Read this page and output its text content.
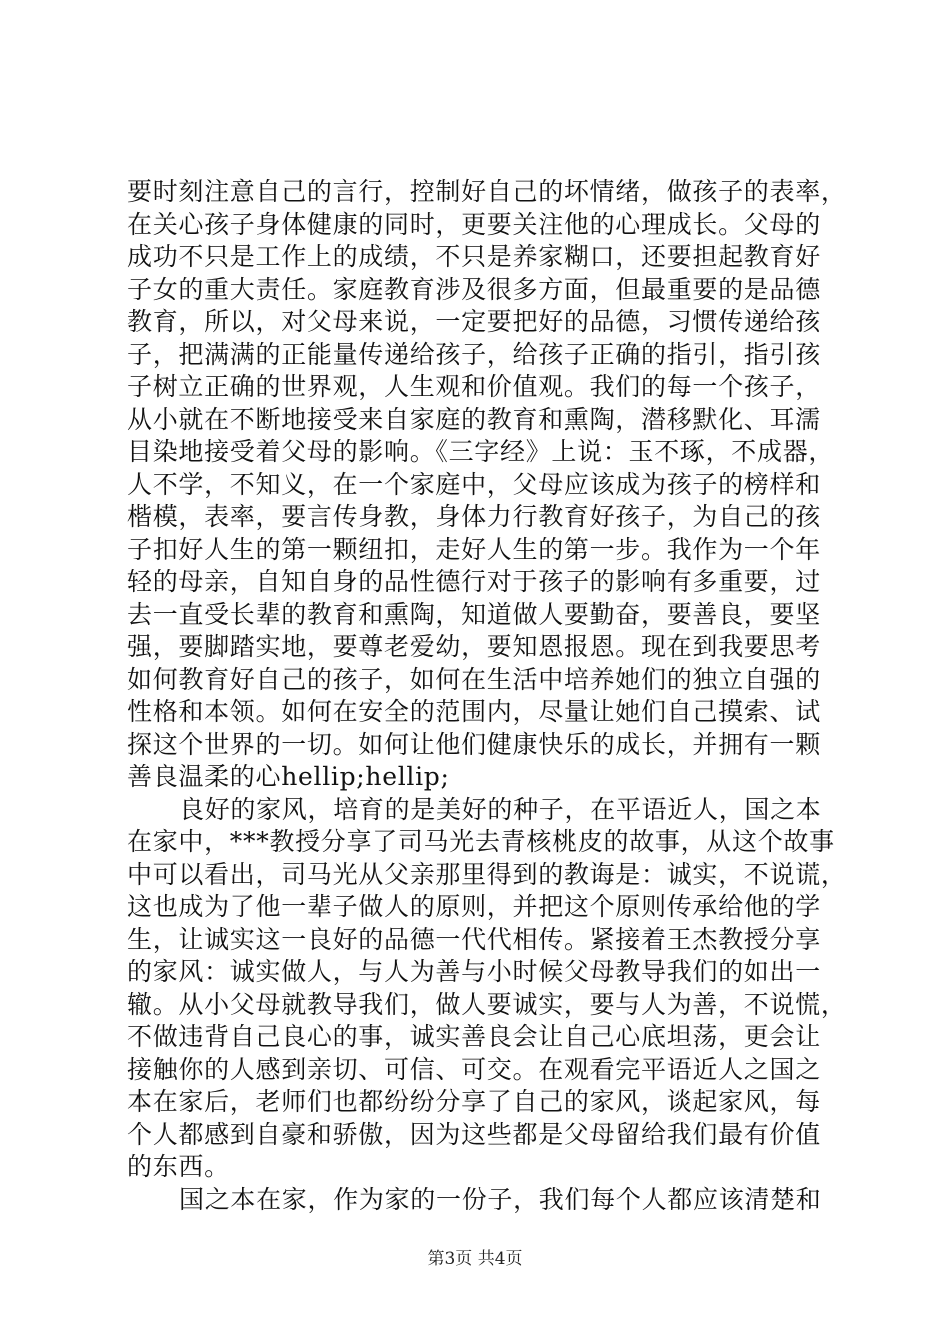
要时刻注意自己的言行，控制好自己的坏情绪，做孩子的表率，
在关心孩子身体健康的同时，更要关注他的心理成长。父母的
成功不只是工作上的成绩，不只是养家糊口，还要担起教育好
子女的重大责任。家庭教育涉及很多方面，但最重要的是品德
教育，所以，对父母来说，一定要把好的品德，习惯传递给孩
子，把满满的正能量传递给孩子，给孩子正确的指引，指引孩
子树立正确的世界观，人生观和价值观。我们的每一个孩子，
从小就在不断地接受来自家庭的教育和熏陶，潜移默化、耳濡
目染地接受着父母的影响。《三字经》上说：玉不琢，不成器，
人不学，不知义，在一个家庭中，父母应该成为孩子的榜样和
楷模，表率，要言传身教，身体力行教育好孩子，为自己的孩
子扣好人生的第一颗纽扣，走好人生的第一步。我作为一个年
轻的母亲，自知自身的品性德行对于孩子的影响有多重要，过
去一直受长辈的教育和熏陶，知道做人要勤奋，要善良，要坚
强，要脚踏实地，要尊老爱幼，要知恩报恩。现在到我要思考
如何教育好自己的孩子，如何在生活中培养她们的独立自强的
性格和本领。如何在安全的范围内，尽量让她们自己摸索、试
探这个世界的一切。如何让他们健康快乐的成长，并拥有一颗
善良温柔的心hellip;hellip;
良好的家风，培育的是美好的种子，在平语近人，国之本
在家中，***教授分享了司马光去青核桃皮的故事，从这个故事
中可以看出，司马光从父亲那里得到的教诲是：诚实，不说谎，
这也成为了他一辈子做人的原则，并把这个原则传承给他的学
生，让诚实这一良好的品德一代代相传。紧接着王杰教授分享
的家风：诚实做人，与人为善与小时候父母教导我们的如出一
辙。从小父母就教导我们，做人要诚实，要与人为善，不说慌，
不做违背自己良心的事，诚实善良会让自己心底坦荡，更会让
接触你的人感到亲切、可信、可交。在观看完平语近人之国之
本在家后，老师们也都纷纷分享了自己的家风，谈起家风，每
个人都感到自豪和骄傲，因为这些都是父母留给我们最有价值
的东西。
国之本在家，作为家的一份子，我们每个人都应该清楚和
第3页 共4页
